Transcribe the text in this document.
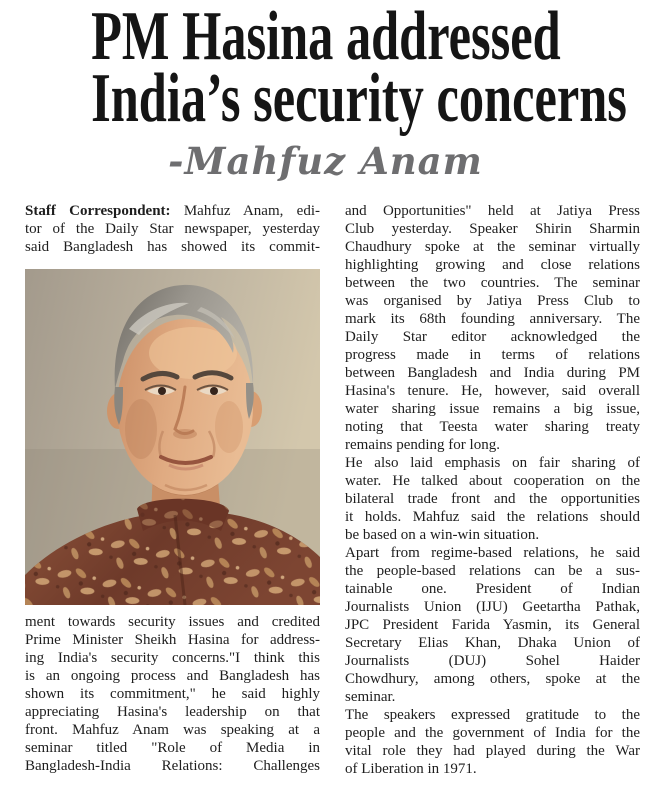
PM Hasina addressed
India’s security concerns
-Mahfuz Anam
Staff Correspondent: Mahfuz Anam, edi-
tor of the Daily Star newspaper, yesterday
said Bangladesh has showed its commit-
ment towards security issues and credited
Prime Minister Sheikh Hasina for address-
ing India's security concerns."I think this
is an ongoing process and Bangladesh has
shown its commitment," he said highly
appreciating Hasina's leadership on that
front. Mahfuz Anam was speaking at a
seminar titled "Role of Media in
Bangladesh-India Relations: Challenges
and Opportunities" held at Jatiya Press
Club yesterday. Speaker Shirin Sharmin
Chaudhury spoke at the seminar virtually
highlighting growing and close relations
between the two countries. The seminar
was organised by Jatiya Press Club to
mark its 68th founding anniversary. The
Daily Star editor acknowledged the
progress made in terms of relations
between Bangladesh and India during PM
Hasina's tenure. He, however, said overall
water sharing issue remains a big issue,
noting that Teesta water sharing treaty
remains pending for long.
He also laid emphasis on fair sharing of
water. He talked about cooperation on the
bilateral trade front and the opportunities
it holds. Mahfuz said the relations should
be based on a win-win situation.
Apart from regime-based relations, he said
the people-based relations can be a sus-
tainable one. President of Indian
Journalists Union (IJU) Geetartha Pathak,
JPC President Farida Yasmin, its General
Secretary Elias Khan, Dhaka Union of
Journalists (DUJ) Sohel Haider
Chowdhury, among others, spoke at the
seminar.
The speakers expressed gratitude to the
people and the government of India for the
vital role they had played during the War
of Liberation in 1971.
